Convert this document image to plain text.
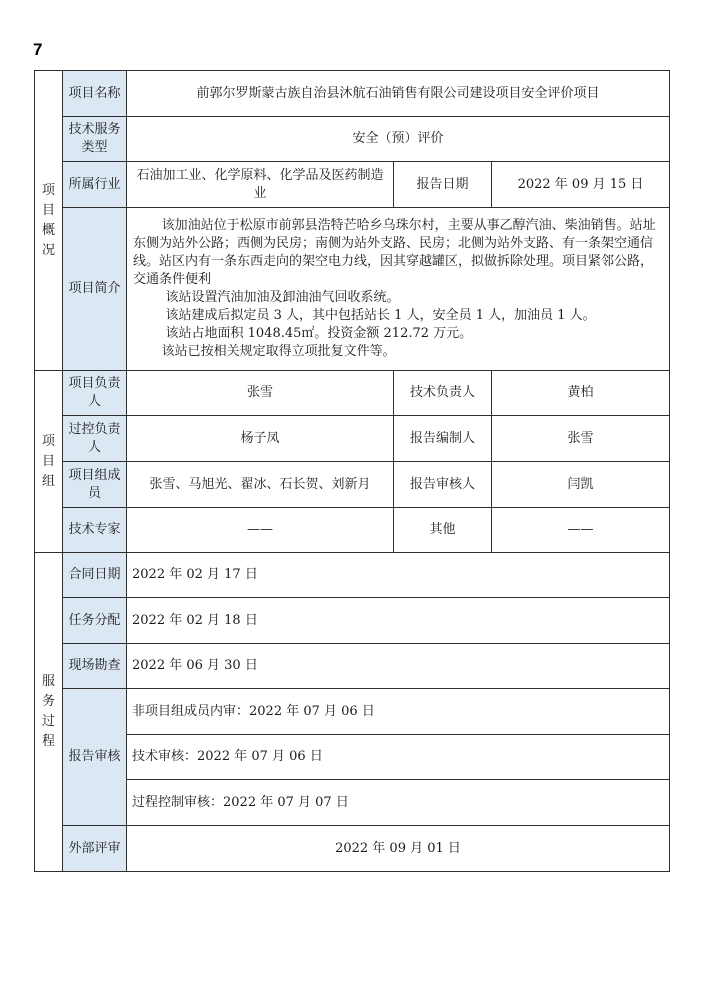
7
项目概况	项目名称	前郭尔罗斯蒙古族自治县沐航石油销售有限公司建设项目安全评价项目		
	技术服务类型	安全（预）评价		
	所属行业	石油加工业、化学原料、化学品及医药制造业	报告日期	2022 年 09 月 15 日
	项目简介	该加油站位于松原市前郭县浩特芒哈乡乌珠尔村，主要从事乙醇汽油、柴油销售。站址东侧为站外公路；西侧为民房；南侧为站外支路、民房；北侧为站外支路、有一条架空通信线。站区内有一条东西走向的架空电力线，因其穿越罐区，拟做拆除处理。项目紧邻公路，交通条件便利

该站设置汽油加油及卸油油气回收系统。

该站建成后拟定员 3 人，其中包括站长 1 人，安全员 1 人，加油员 1 人。

该站占地面积 1048.45㎡。投资金额 212.72 万元。

该站已按相关规定取得立项批复文件等。		

项目组	项目负责人	张雪	技术负责人	黄柏
	过控负责人	杨子凤	报告编制人	张雪
	项目组成员	张雪、马旭光、翟冰、石长贺、刘新月	报告审核人	闫凯
	技术专家	——	其他	——
服务过程	合同日期	2022 年 02 月 17 日		
	任务分配	2022 年 02 月 18 日		
	现场勘查	2022 年 06 月 30 日		
	报告审核	非项目组成员内审：2022 年 07 月 06 日		
		技术审核：2022 年 07 月 06 日		
		过程控制审核：2022 年 07 月 07 日		
	外部评审	2022 年 09 月 01 日		
